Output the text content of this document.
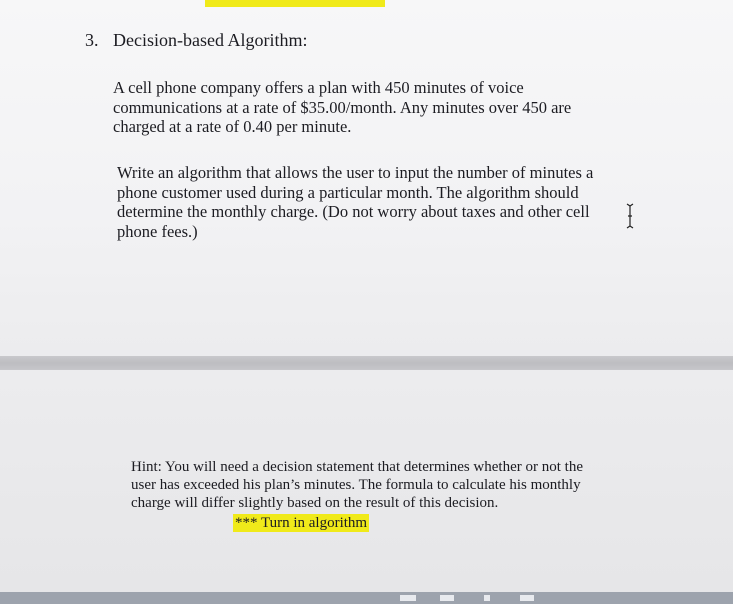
3. Decision-based Algorithm:
A cell phone company offers a plan with 450 minutes of voice
communications at a rate of $35.00/month. Any minutes over 450 are
charged at a rate of 0.40 per minute.
Write an algorithm that allows the user to input the number of minutes a
phone customer used during a particular month. The algorithm should
determine the monthly charge. (Do not worry about taxes and other cell
phone fees.)
Hint: You will need a decision statement that determines whether or not the
user has exceeded his plan’s minutes. The formula to calculate his monthly
charge will differ slightly based on the result of this decision.
*** Turn in algorithm
